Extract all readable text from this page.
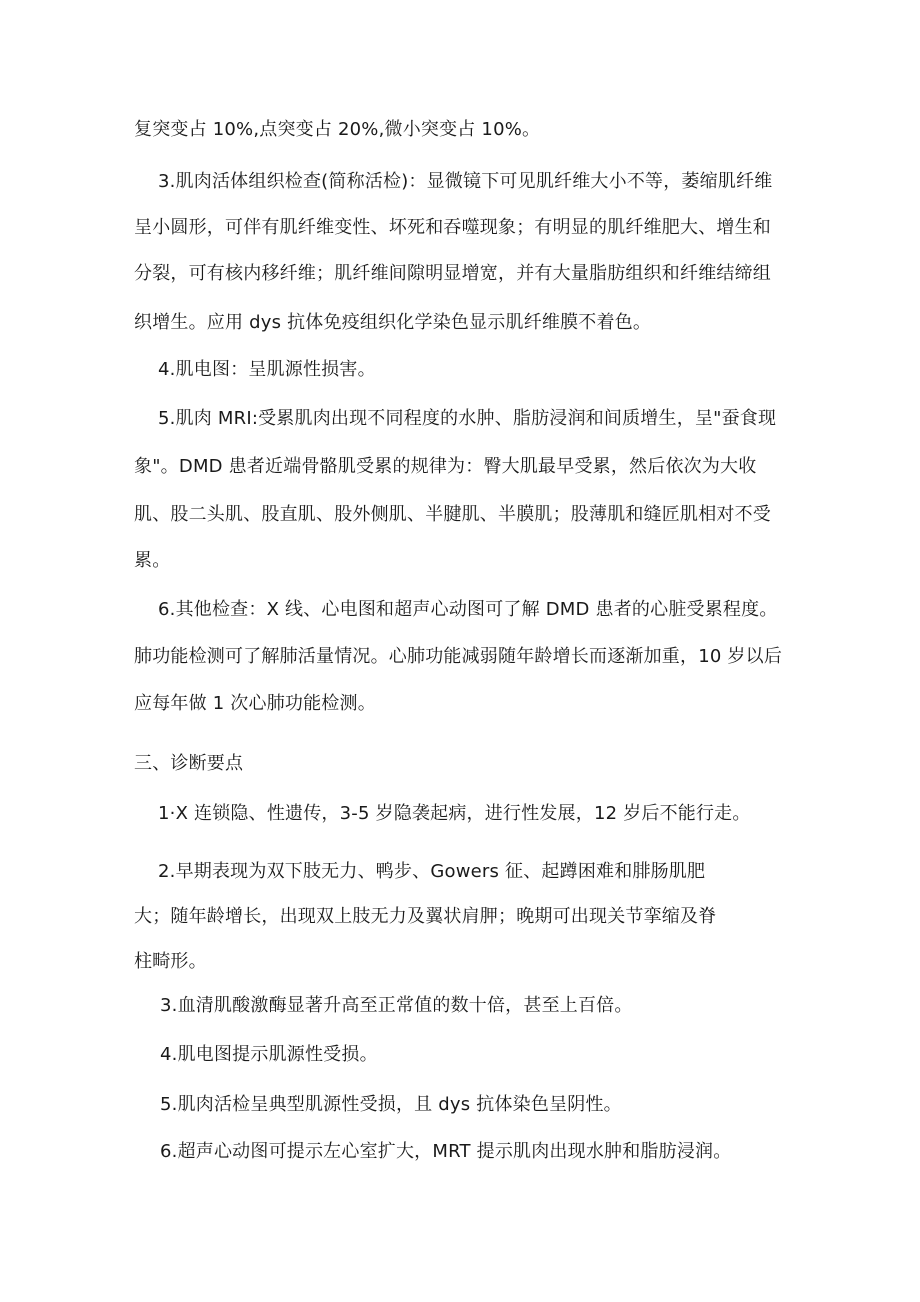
复突变占 10%,点突变占 20%,微小突变占 10%。
3.肌肉活体组织检查(简称活检)：显微镜下可见肌纤维大小不等，萎缩肌纤维
呈小圆形，可伴有肌纤维变性、坏死和吞噬现象；有明显的肌纤维肥大、增生和
分裂，可有核内移纤维；肌纤维间隙明显增宽，并有大量脂肪组织和纤维结缔组
织增生。应用 dys 抗体免疫组织化学染色显示肌纤维膜不着色。
4.肌电图：呈肌源性损害。
5.肌肉 MRI:受累肌肉出现不同程度的水肿、脂肪浸润和间质增生，呈"蚕食现
象"。DMD 患者近端骨骼肌受累的规律为：臀大肌最早受累，然后依次为大收
肌、股二头肌、股直肌、股外侧肌、半腱肌、半膜肌；股薄肌和缝匠肌相对不受
累。
6.其他检查：X 线、心电图和超声心动图可了解 DMD 患者的心脏受累程度。
肺功能检测可了解肺活量情况。心肺功能减弱随年龄增长而逐渐加重，10 岁以后
应每年做 1 次心肺功能检测。
三、诊断要点
1·X 连锁隐、性遗传，3-5 岁隐袭起病，进行性发展，12 岁后不能行走。
2.早期表现为双下肢无力、鸭步、Gowers 征、起蹲困难和腓肠肌肥
大；随年龄增长，出现双上肢无力及翼状肩胛；晚期可出现关节挛缩及脊
柱畸形。
3.血清肌酸激酶显著升高至正常值的数十倍，甚至上百倍。
4.肌电图提示肌源性受损。
5.肌肉活检呈典型肌源性受损，且 dys 抗体染色呈阴性。
6.超声心动图可提示左心室扩大，MRT 提示肌肉出现水肿和脂肪浸润。
